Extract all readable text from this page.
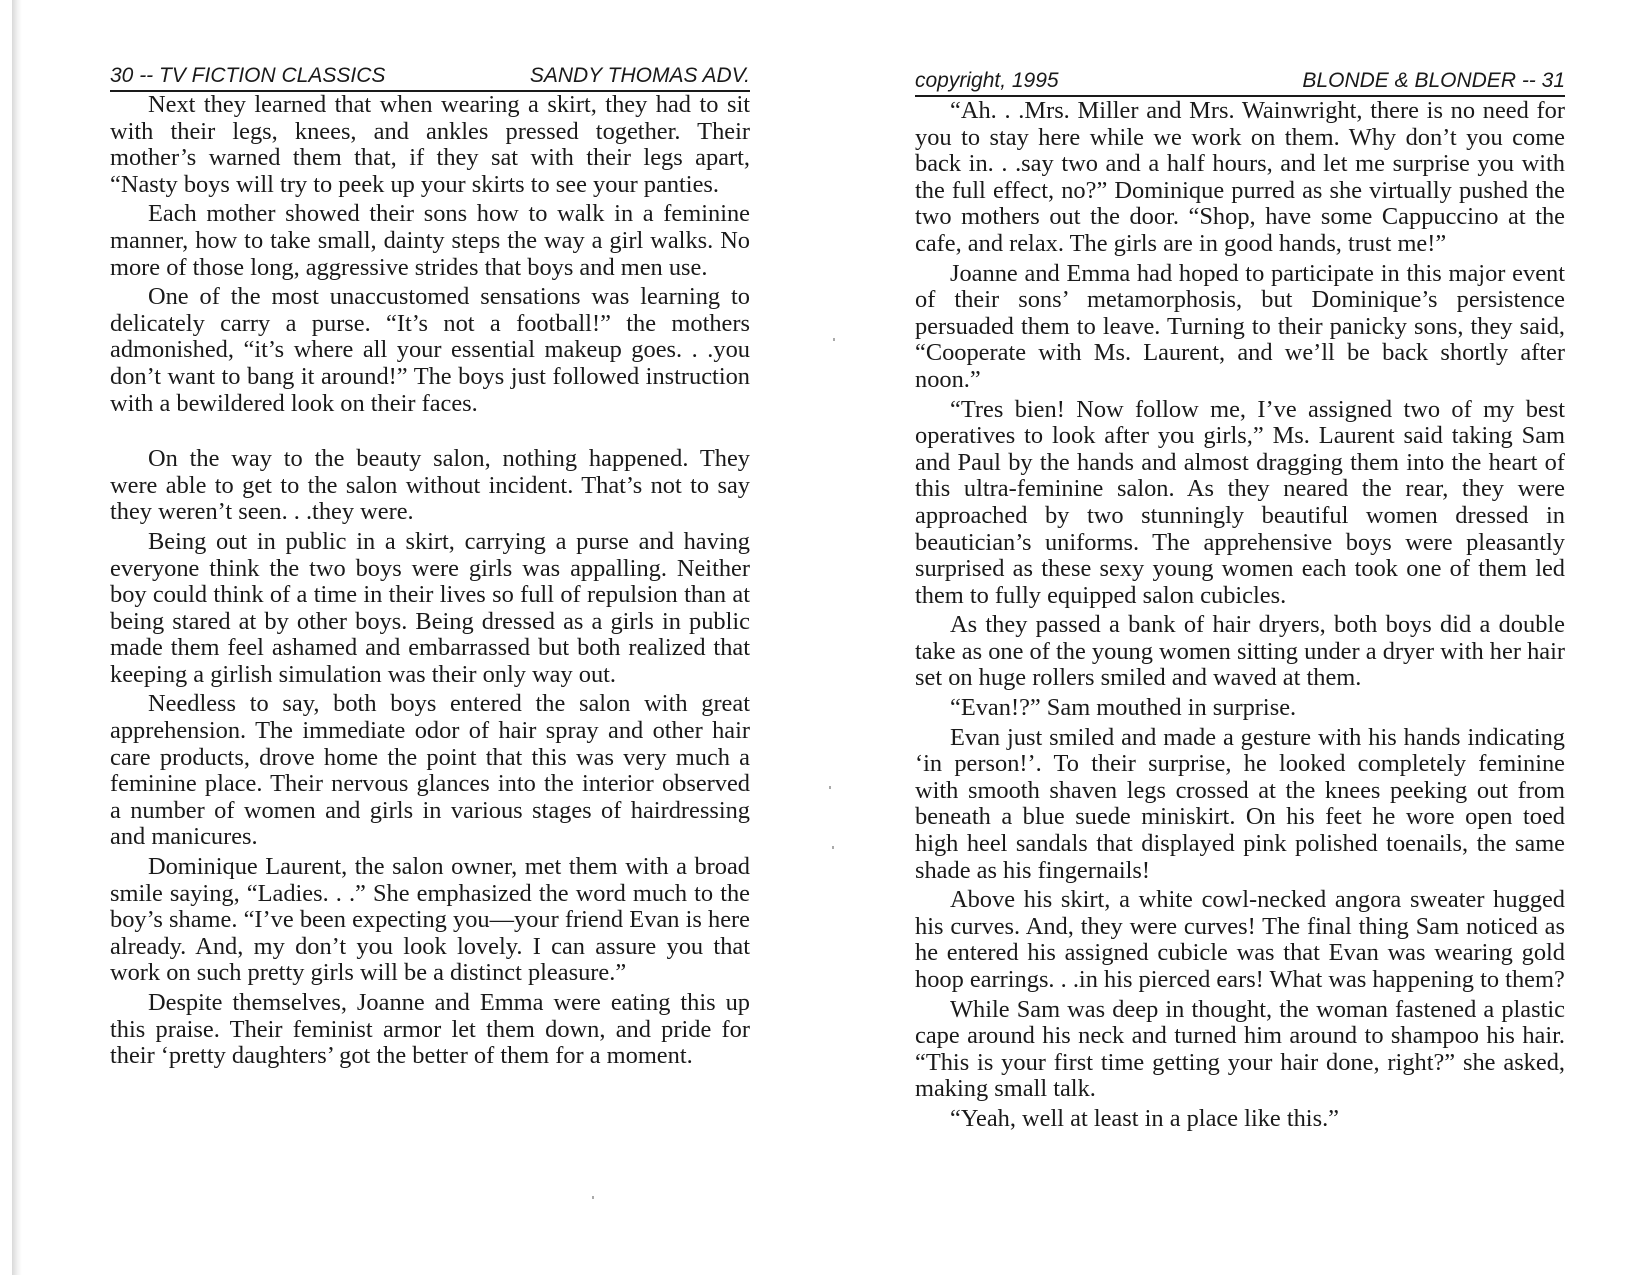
30 -- TV FICTION CLASSICS	SANDY THOMAS ADV.

Next they learned that when wearing a skirt, they had to sit with their legs, knees, and ankles pressed together. Their mother’s warned them that, if they sat with their legs apart, “Nasty boys will try to peek up your skirts to see your panties.

Each mother showed their sons how to walk in a feminine manner, how to take small, dainty steps the way a girl walks. No more of those long, aggressive strides that boys and men use.

One of the most unaccustomed sensations was learning to delicately carry a purse. “It’s not a football!” the mothers admonished, “it’s where all your essential makeup goes. . .you don’t want to bang it around!” The boys just followed instruction with a bewildered look on their faces.

On the way to the beauty salon, nothing happened. They were able to get to the salon without incident. That’s not to say they weren’t seen. . .they were.

Being out in public in a skirt, carrying a purse and having everyone think the two boys were girls was appalling. Neither boy could think of a time in their lives so full of repulsion than at being stared at by other boys. Being dressed as a girls in public made them feel ashamed and embarrassed but both realized that keeping a girlish simulation was their only way out.

Needless to say, both boys entered the salon with great apprehension. The immediate odor of hair spray and other hair care products, drove home the point that this was very much a feminine place. Their nervous glances into the interior observed a number of women and girls in various stages of hairdressing and manicures.

Dominique Laurent, the salon owner, met them with a broad smile saying, “Ladies. . .” She emphasized the word much to the boy’s shame. “I’ve been expecting you—your friend Evan is here already. And, my don’t you look lovely. I can assure you that work on such pretty girls will be a distinct pleasure.”

Despite themselves, Joanne and Emma were eating this up this praise. Their feminist armor let them down, and pride for their ‘pretty daughters’ got the better of them for a moment.

copyright, 1995	BLONDE & BLONDER -- 31

“Ah. . .Mrs. Miller and Mrs. Wainwright, there is no need for you to stay here while we work on them. Why don’t you come back in. . .say two and a half hours, and let me surprise you with the full effect, no?” Dominique purred as she virtually pushed the two mothers out the door. “Shop, have some Cappuccino at the cafe, and relax. The girls are in good hands, trust me!”

Joanne and Emma had hoped to participate in this major event of their sons’ metamorphosis, but Dominique’s persistence persuaded them to leave. Turning to their panicky sons, they said, “Cooperate with Ms. Laurent, and we’ll be back shortly after noon.”

“Tres bien! Now follow me, I’ve assigned two of my best operatives to look after you girls,” Ms. Laurent said taking Sam and Paul by the hands and almost dragging them into the heart of this ultra-feminine salon. As they neared the rear, they were approached by two stunningly beautiful women dressed in beautician’s uniforms. The apprehensive boys were pleasantly surprised as these sexy young women each took one of them led them to fully equipped salon cubicles.

As they passed a bank of hair dryers, both boys did a double take as one of the young women sitting under a dryer with her hair set on huge rollers smiled and waved at them.

“Evan!?” Sam mouthed in surprise.

Evan just smiled and made a gesture with his hands indicating ‘in person!’. To their surprise, he looked completely feminine with smooth shaven legs crossed at the knees peeking out from beneath a blue suede miniskirt. On his feet he wore open toed high heel sandals that displayed pink polished toenails, the same shade as his fingernails!

Above his skirt, a white cowl-necked angora sweater hugged his curves. And, they were curves! The final thing Sam noticed as he entered his assigned cubicle was that Evan was wearing gold hoop earrings. . .in his pierced ears! What was happening to them?

While Sam was deep in thought, the woman fastened a plastic cape around his neck and turned him around to shampoo his hair. “This is your first time getting your hair done, right?” she asked, making small talk.

“Yeah, well at least in a place like this.”
